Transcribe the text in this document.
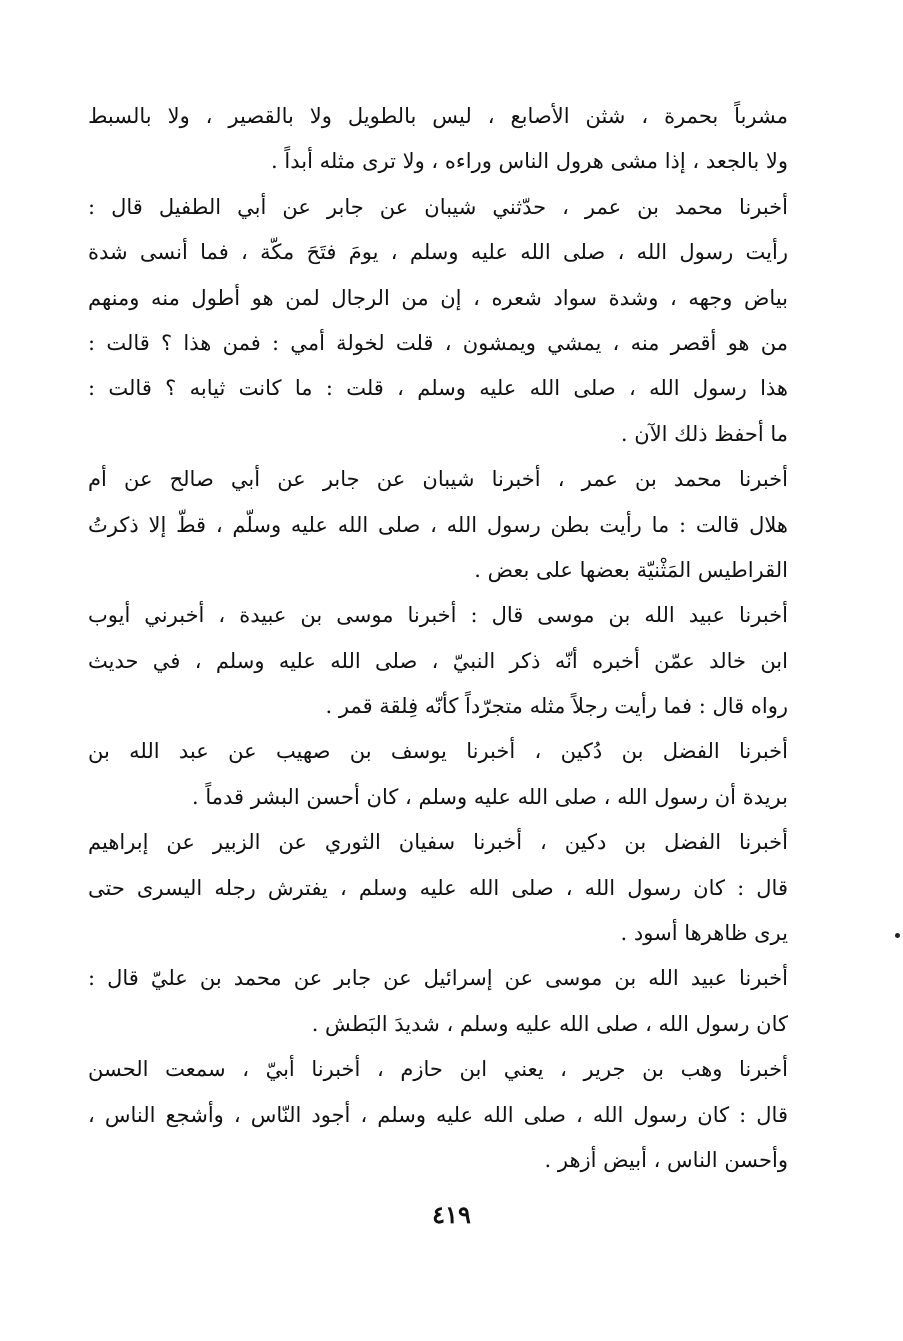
مشرباً بحمرة ، شثن الأصابع ، ليس بالطويل ولا بالقصير ، ولا بالسبط
ولا بالجعد ، إذا مشى هرول الناس وراءه ، ولا ترى مثله أبداً .
أخبرنا محمد بن عمر ، حدّثني شيبان عن جابر عن أبي الطفيل قال :
رأيت رسول الله ، صلى الله عليه وسلم ، يومَ فتَحَ مكّة ، فما أنسى شدة
بياض وجهه ، وشدة سواد شعره ، إن من الرجال لمن هو أطول منه ومنهم
من هو أقصر منه ، يمشي ويمشون ، قلت لخولة أمي : فمن هذا ؟ قالت :
هذا رسول الله ، صلى الله عليه وسلم ، قلت : ما كانت ثيابه ؟ قالت :
ما أحفظ ذلك الآن .
أخبرنا محمد بن عمر ، أخبرنا شيبان عن جابر عن أبي صالح عن أم
هلال قالت : ما رأيت بطن رسول الله ، صلى الله عليه وسلّم ، قطّ إلا ذكرتُ
القراطيس المَثْنيّة بعضها على بعض .
أخبرنا عبيد الله بن موسى قال : أخبرنا موسى بن عبيدة ، أخبرني أيوب
ابن خالد عمّن أخبره أنّه ذكر النبيّ ، صلى الله عليه وسلم ، في حديث
رواه قال : فما رأيت رجلاً مثله متجرّداً كأنّه فِلقة قمر .
أخبرنا الفضل بن دُكين ، أخبرنا يوسف بن صهيب عن عبد الله بن
بريدة أن رسول الله ، صلى الله عليه وسلم ، كان أحسن البشر قدماً .
أخبرنا الفضل بن دكين ، أخبرنا سفيان الثوري عن الزبير عن إبراهيم
قال : كان رسول الله ، صلى الله عليه وسلم ، يفترش رجله اليسرى حتى
يرى ظاهرها أسود .
أخبرنا عبيد الله بن موسى عن إسرائيل عن جابر عن محمد بن عليّ قال :
كان رسول الله ، صلى الله عليه وسلم ، شديدَ البَطش .
أخبرنا وهب بن جرير ، يعني ابن حازم ، أخبرنا أبيّ ، سمعت الحسن
قال : كان رسول الله ، صلى الله عليه وسلم ، أجود النّاس ، وأشجع الناس ،
وأحسن الناس ، أبيض أزهر .
٤١٩
